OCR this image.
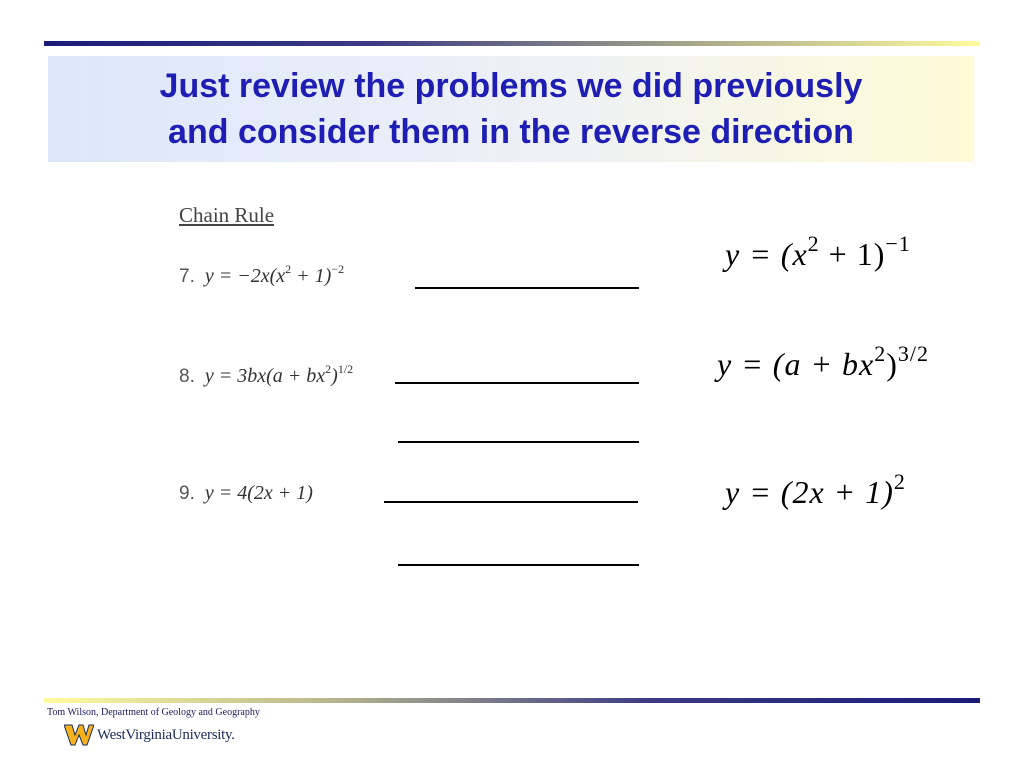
Just review the problems we did previously
and consider them in the reverse direction
Chain Rule
7. $y = -2x(x^2 + 1)^{-2}$
8. $y = 3bx(a + bx^2)^{1/2}$
9. y = 4(2x + 1)
$y = (x^2 + 1)^{-1}$
$y = (a + bx^2)^{3/2}$
$y = (2x + 1)^2$
Tom Wilson, Department of Geology and Geography
WestVirginiaUniversity.
